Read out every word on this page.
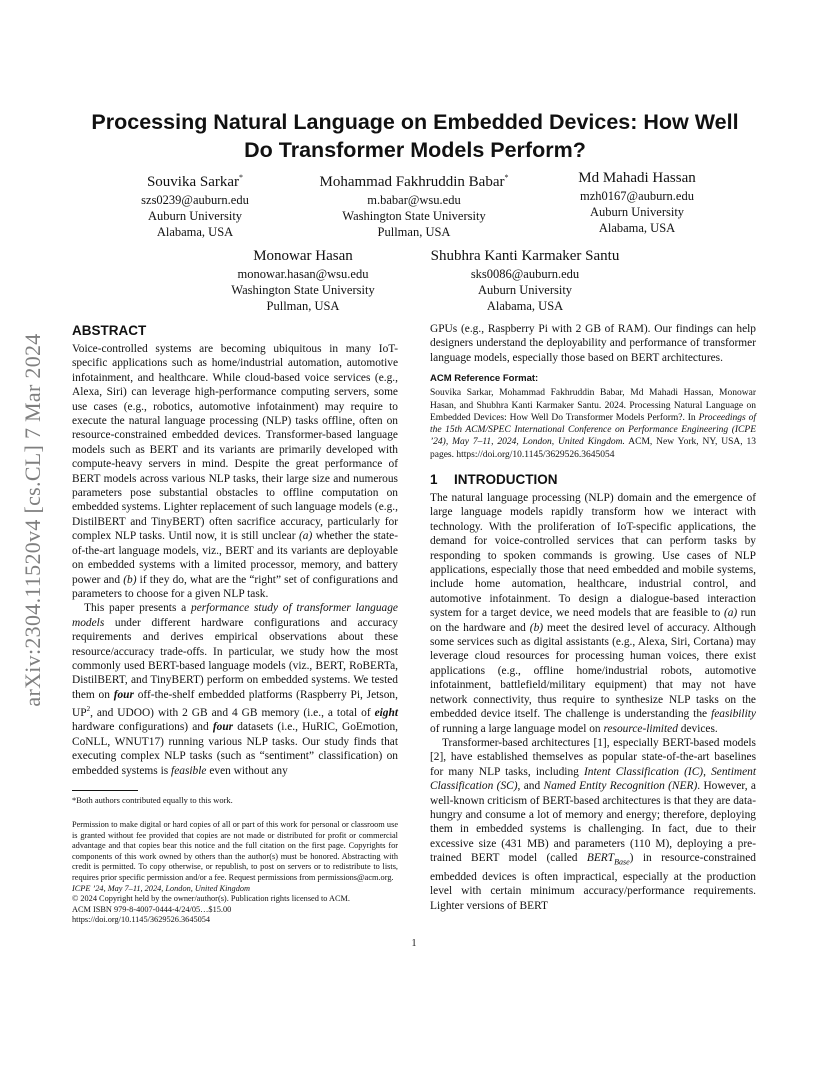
arXiv:2304.11520v4 [cs.CL] 7 Mar 2024
Processing Natural Language on Embedded Devices: How Well
Do Transformer Models Perform?
Souvika Sarkar*
szs0239@auburn.edu
Auburn University
Alabama, USA
Mohammad Fakhruddin Babar*
m.babar@wsu.edu
Washington State University
Pullman, USA
Md Mahadi Hassan
mzh0167@auburn.edu
Auburn University
Alabama, USA
Monowar Hasan
monowar.hasan@wsu.edu
Washington State University
Pullman, USA
Shubhra Kanti Karmaker Santu
sks0086@auburn.edu
Auburn University
Alabama, USA
ABSTRACT

Voice-controlled systems are becoming ubiquitous in many IoT-specific applications such as home/industrial automation, automotive infotainment, and healthcare. While cloud-based voice services (e.g., Alexa, Siri) can leverage high-performance computing servers, some use cases (e.g., robotics, automotive infotainment) may require to execute the natural language processing (NLP) tasks offline, often on resource-constrained embedded devices. Transformer-based language models such as BERT and its variants are primarily developed with compute-heavy servers in mind. Despite the great performance of BERT models across various NLP tasks, their large size and numerous parameters pose substantial obstacles to offline computation on embedded systems. Lighter replacement of such language models (e.g., DistilBERT and TinyBERT) often sacrifice accuracy, particularly for complex NLP tasks. Until now, it is still unclear (a) whether the state-of-the-art language models, viz., BERT and its variants are deployable on embedded systems with a limited processor, memory, and battery power and (b) if they do, what are the “right” set of configurations and parameters to choose for a given NLP task.

This paper presents a performance study of transformer language models under different hardware configurations and accuracy requirements and derives empirical observations about these resource/accuracy trade-offs. In particular, we study how the most commonly used BERT-based language models (viz., BERT, RoBERTa, DistilBERT, and TinyBERT) perform on embedded systems. We tested them on four off-the-shelf embedded platforms (Raspberry Pi, Jetson, $UP^2$, and UDOO) with 2 GB and 4 GB memory (i.e., a total of eight hardware configurations) and four datasets (i.e., HuRIC, GoEmotion, CoNLL, WNUT17) running various NLP tasks. Our study finds that executing complex NLP tasks (such as “sentiment” classification) on embedded systems is feasible even without any

*Both authors contributed equally to this work.
Permission to make digital or hard copies of all or part of this work for personal or classroom use is granted without fee provided that copies are not made or distributed for profit or commercial advantage and that copies bear this notice and the full citation on the first page. Copyrights for components of this work owned by others than the author(s) must be honored. Abstracting with credit is permitted. To copy otherwise, or republish, to post on servers or to redistribute to lists, requires prior specific permission and/or a fee. Request permissions from permissions@acm.org.
ICPE ’24, May 7–11, 2024, London, United Kingdom
© 2024 Copyright held by the owner/author(s). Publication rights licensed to ACM.
ACM ISBN 979-8-4007-0444-4/24/05…$15.00
https://doi.org/10.1145/3629526.3645054

GPUs (e.g., Raspberry Pi with 2 GB of RAM). Our findings can help designers understand the deployability and performance of transformer language models, especially those based on BERT architectures.

ACM Reference Format:
Souvika Sarkar, Mohammad Fakhruddin Babar, Md Mahadi Hassan, Monowar Hasan, and Shubhra Kanti Karmaker Santu. 2024. Processing Natural Language on Embedded Devices: How Well Do Transformer Models Perform?. In Proceedings of the 15th ACM/SPEC International Conference on Performance Engineering (ICPE ’24), May 7–11, 2024, London, United Kingdom. ACM, New York, NY, USA, 13 pages. https://doi.org/10.1145/3629526.3645054
1 INTRODUCTION

The natural language processing (NLP) domain and the emergence of large language models rapidly transform how we interact with technology. With the proliferation of IoT-specific applications, the demand for voice-controlled services that can perform tasks by responding to spoken commands is growing. Use cases of NLP applications, especially those that need embedded and mobile systems, include home automation, healthcare, industrial control, and automotive infotainment. To design a dialogue-based interaction system for a target device, we need models that are feasible to (a) run on the hardware and (b) meet the desired level of accuracy. Although some services such as digital assistants (e.g., Alexa, Siri, Cortana) may leverage cloud resources for processing human voices, there exist applications (e.g., offline home/industrial robots, automotive infotainment, battlefield/military equipment) that may not have network connectivity, thus require to synthesize NLP tasks on the embedded device itself. The challenge is understanding the feasibility of running a large language model on resource-limited devices.

Transformer-based architectures [1], especially BERT-based models [2], have established themselves as popular state-of-the-art baselines for many NLP tasks, including Intent Classification (IC), Sentiment Classification (SC), and Named Entity Recognition (NER). However, a well-known criticism of BERT-based architectures is that they are data-hungry and consume a lot of memory and energy; therefore, deploying them in embedded systems is challenging. In fact, due to their excessive size (431 MB) and parameters (110 M), deploying a pre-trained BERT model (called $BERT_{Base}$) in resource-constrained embedded devices is often impractical, especially at the production level with certain minimum accuracy/performance requirements. Lighter versions of BERT

1
